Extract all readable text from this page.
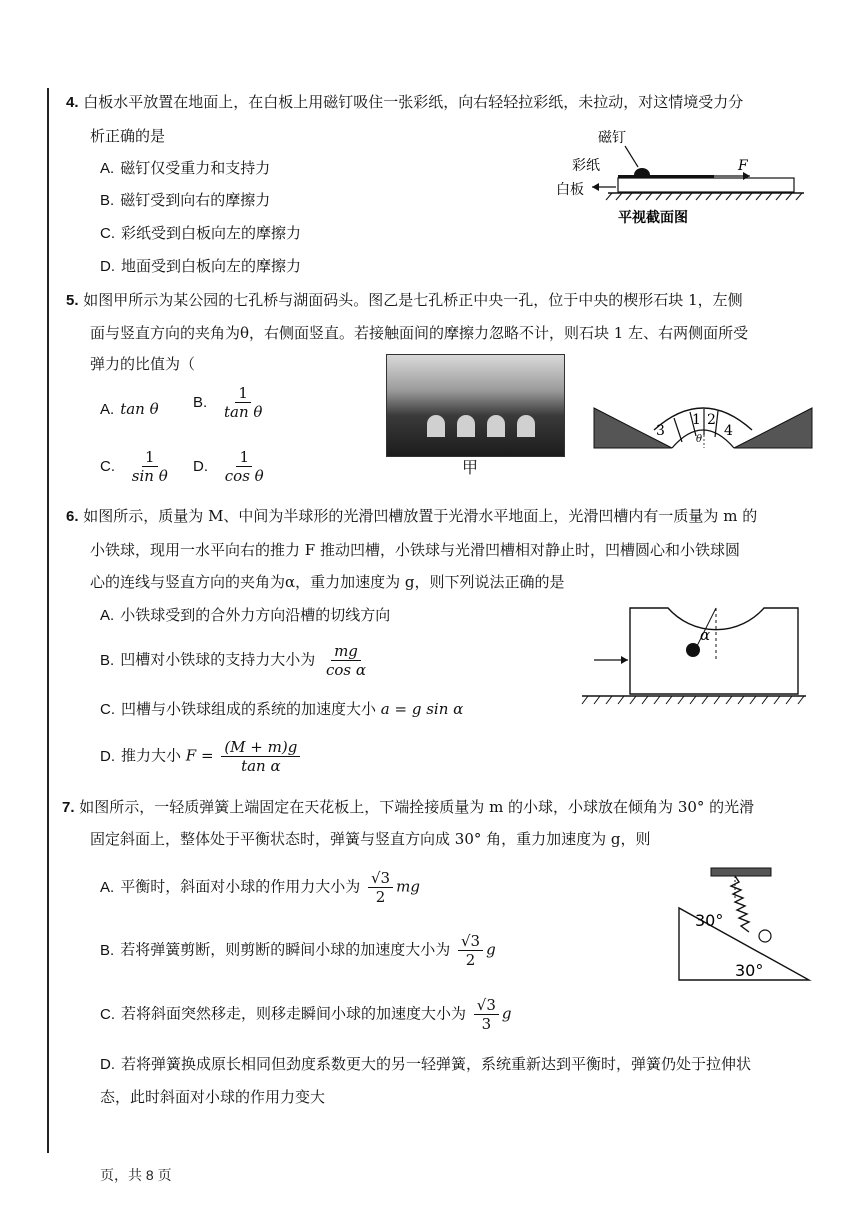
4. 白板水平放置在地面上，在白板上用磁钉吸住一张彩纸，向右轻轻拉彩纸，未拉动，对这情境受力分
析正确的是
A. 磁钉仅受重力和支持力
B. 磁钉受到向右的摩擦力
C. 彩纸受到白板向左的摩擦力
D. 地面受到白板向左的摩擦力
磁钉
彩纸
白板
F
平视截面图
5. 如图甲所示为某公园的七孔桥与湖面码头。图乙是七孔桥正中央一孔，位于中央的楔形石块 1，左侧
面与竖直方向的夹角为θ，右侧面竖直。若接触面间的摩擦力忽略不计，则石块 1 左、右两侧面所受
弹力的比值为（
A. tan θ B. $\frac{1}{\text{tan θ}}$
C. $\frac{1}{\text{sin θ}} D$. $\frac{1}{\text{cos θ}}$	甲
3
1 2
4
θ
6. 如图所示，质量为 M、中间为半球形的光滑凹槽放置于光滑水平地面上，光滑凹槽内有一质量为 m 的
小铁球，现用一水平向右的推力 F 推动凹槽，小铁球与光滑凹槽相对静止时，凹槽圆心和小铁球圆
心的连线与竖直方向的夹角为α，重力加速度为 g，则下列说法正确的是
A. 小铁球受到的合外力方向沿槽的切线方向
B. 凹槽对小铁球的支持力大小为 $\frac{mg}{\text{cos α}}$
C. 凹槽与小铁球组成的系统的加速度大小 a = g sin α
D. 推力大小 $F = \frac{(M + m)g}{\text{tan α}}$
α
7. 如图所示，一轻质弹簧上端固定在天花板上，下端拴接质量为 m 的小球，小球放在倾角为 30° 的光滑
固定斜面上，整体处于平衡状态时，弹簧与竖直方向成 30° 角，重力加速度为 g，则
A. 平衡时，斜面对小球的作用力大小为 $\frac{√3}{2}$ mg
B. 若将弹簧剪断，则剪断的瞬间小球的加速度大小为 $\frac{√3}{2}$ g
C. 若将斜面突然移走，则移走瞬间小球的加速度大小为 $\frac{√3}{3}$ g
D. 若将弹簧换成原长相同但劲度系数更大的另一轻弹簧，系统重新达到平衡时，弹簧仍处于拉伸状
态，此时斜面对小球的作用力变大
30°
30°
页，共 8 页
